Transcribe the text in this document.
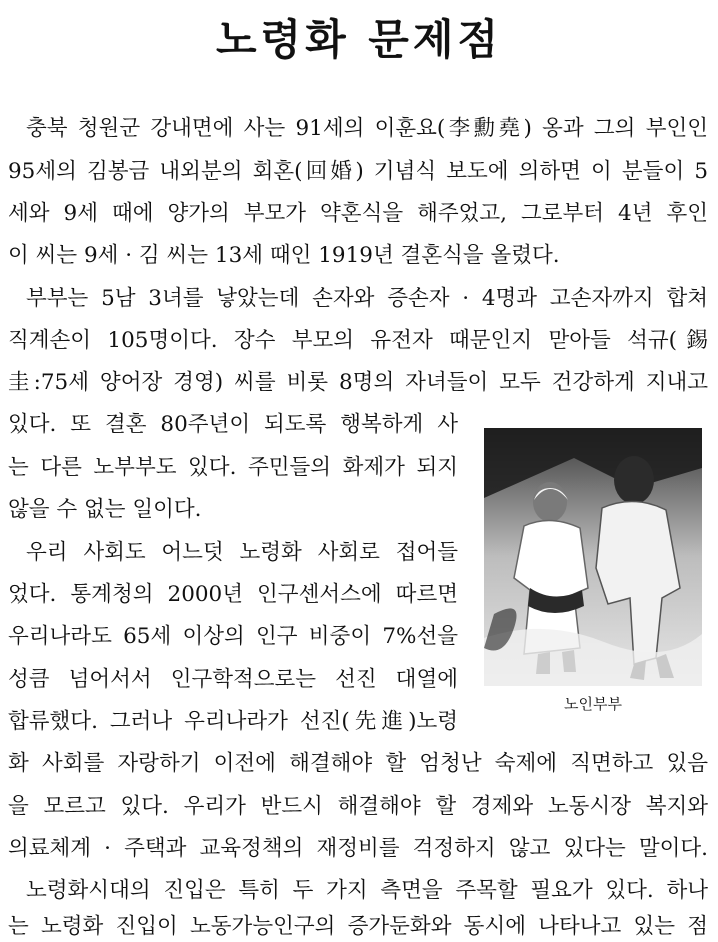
노령화 문제점
충북 청원군 강내면에 사는 91세의 이훈요(李勳堯) 옹과 그의 부인인
95세의 김봉금 내외분의 회혼(回婚) 기념식 보도에 의하면 이 분들이 5
세와 9세 때에 양가의 부모가 약혼식을 해주었고, 그로부터 4년 후인
이 씨는 9세 · 김 씨는 13세 때인 1919년 결혼식을 올렸다.
부부는 5남 3녀를 낳았는데 손자와 증손자 · 4명과 고손자까지 합쳐
직계손이 105명이다. 장수 부모의 유전자 때문인지 맏아들 석규(錫
圭:75세 양어장 경영) 씨를 비롯 8명의 자녀들이 모두 건강하게 지내고
있다. 또 결혼 80주년이 되도록 행복하게 사
는 다른 노부부도 있다. 주민들의 화제가 되지
않을 수 없는 일이다.
우리 사회도 어느덧 노령화 사회로 접어들
었다. 통계청의 2000년 인구센서스에 따르면
우리나라도 65세 이상의 인구 비중이 7%선을
성큼 넘어서서 인구학적으로는 선진 대열에
합류했다. 그러나 우리나라가 선진(先進)노령
화 사회를 자랑하기 이전에 해결해야 할 엄청난 숙제에 직면하고 있음
을 모르고 있다. 우리가 반드시 해결해야 할 경제와 노동시장 복지와
의료체계 · 주택과 교육정책의 재정비를 걱정하지 않고 있다는 말이다.
노령화시대의 진입은 특히 두 가지 측면을 주목할 필요가 있다. 하나
는 노령화 진입이 노동가능인구의 증가둔화와 동시에 나타나고 있는 점
노인부부
